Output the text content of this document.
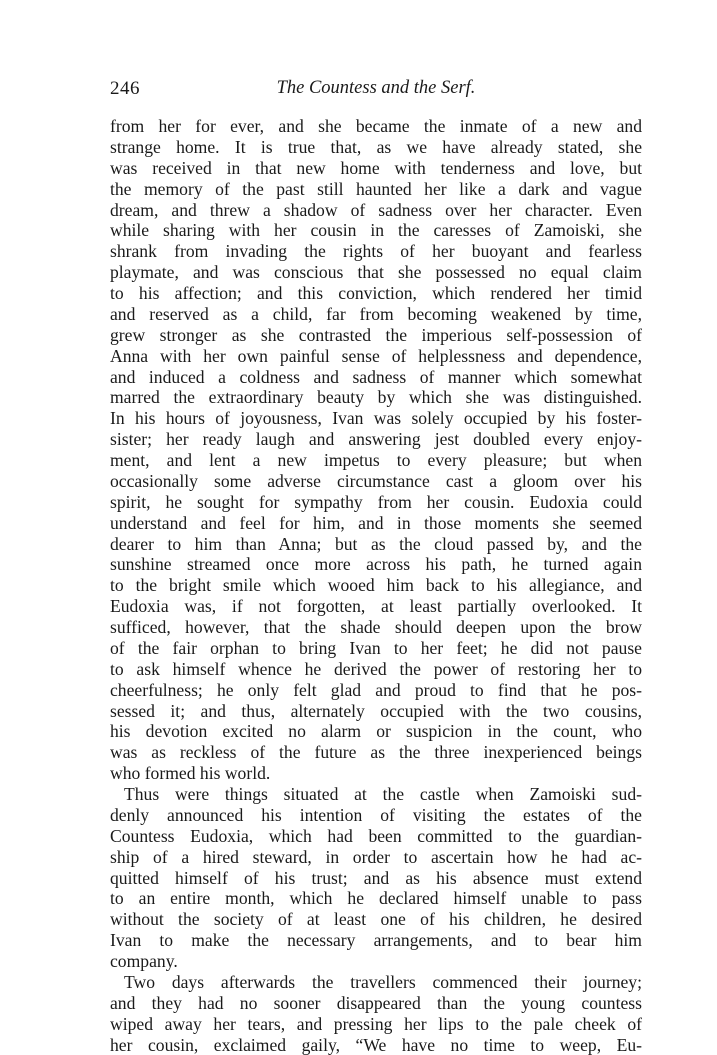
246	The Countess and the Serf.
from her for ever, and she became the inmate of a new and
strange home. It is true that, as we have already stated, she
was received in that new home with tenderness and love, but
the memory of the past still haunted her like a dark and vague
dream, and threw a shadow of sadness over her character. Even
while sharing with her cousin in the caresses of Zamoiski, she
shrank from invading the rights of her buoyant and fearless
playmate, and was conscious that she possessed no equal claim
to his affection; and this conviction, which rendered her timid
and reserved as a child, far from becoming weakened by time,
grew stronger as she contrasted the imperious self-possession of
Anna with her own painful sense of helplessness and dependence,
and induced a coldness and sadness of manner which somewhat
marred the extraordinary beauty by which she was distinguished.
In his hours of joyousness, Ivan was solely occupied by his foster-
sister; her ready laugh and answering jest doubled every enjoy-
ment, and lent a new impetus to every pleasure; but when
occasionally some adverse circumstance cast a gloom over his
spirit, he sought for sympathy from her cousin. Eudoxia could
understand and feel for him, and in those moments she seemed
dearer to him than Anna; but as the cloud passed by, and the
sunshine streamed once more across his path, he turned again
to the bright smile which wooed him back to his allegiance, and
Eudoxia was, if not forgotten, at least partially overlooked. It
sufficed, however, that the shade should deepen upon the brow
of the fair orphan to bring Ivan to her feet; he did not pause
to ask himself whence he derived the power of restoring her to
cheerfulness; he only felt glad and proud to find that he pos-
sessed it; and thus, alternately occupied with the two cousins,
his devotion excited no alarm or suspicion in the count, who
was as reckless of the future as the three inexperienced beings
who formed his world.
Thus were things situated at the castle when Zamoiski sud-
denly announced his intention of visiting the estates of the
Countess Eudoxia, which had been committed to the guardian-
ship of a hired steward, in order to ascertain how he had ac-
quitted himself of his trust; and as his absence must extend
to an entire month, which he declared himself unable to pass
without the society of at least one of his children, he desired
Ivan to make the necessary arrangements, and to bear him
company.
Two days afterwards the travellers commenced their journey;
and they had no sooner disappeared than the young countess
wiped away her tears, and pressing her lips to the pale cheek of
her cousin, exclaimed gaily, “We have no time to weep, Eu-
